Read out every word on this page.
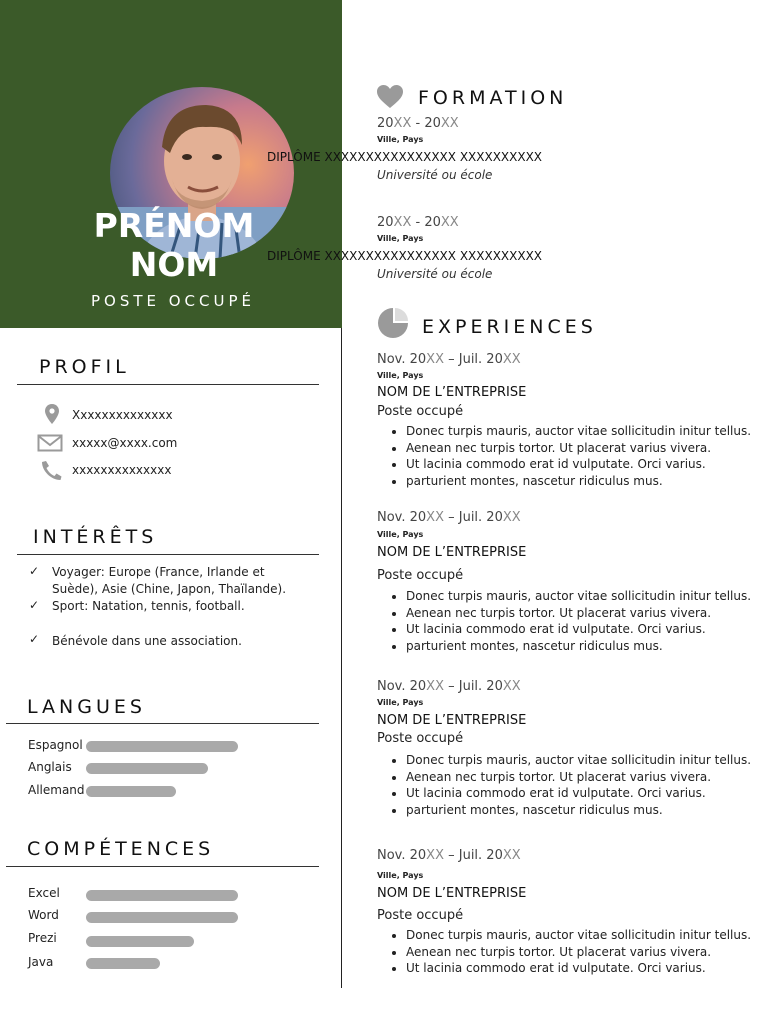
PRÉNOM
NOM
POSTE OCCUPÉ
PROFIL
Xxxxxxxxxxxxxx
xxxxx@xxxx.com
xxxxxxxxxxxxxx
INTÉRÊTS
✓ Voyager: Europe (France, Irlande et Suède), Asie (Chine, Japon, Thaïlande).
✓ Sport: Natation, tennis, football.
✓ Bénévole dans une association.
LANGUES
Espagnol
Anglais
Allemand
COMPÉTENCES
Excel
Word
Prezi
Java
FORMATION
20XX - 20XX
Ville, Pays
DIPLÔME XXXXXXXXXXXXXXXX XXXXXXXXXX
Université ou école
20XX - 20XX
Ville, Pays
DIPLÔME XXXXXXXXXXXXXXXX XXXXXXXXXX
Université ou école
EXPERIENCES
Nov. 20XX – Juil. 20XX
Ville, Pays
NOM DE L’ENTREPRISE
Poste occupé
• Donec turpis mauris, auctor vitae sollicitudin initur tellus.
• Aenean nec turpis tortor. Ut placerat varius vivera.
• Ut lacinia commodo erat id vulputate. Orci varius.
• parturient montes, nascetur ridiculus mus.
Nov. 20XX – Juil. 20XX
Ville, Pays
NOM DE L’ENTREPRISE
Poste occupé
• Donec turpis mauris, auctor vitae sollicitudin initur tellus.
• Aenean nec turpis tortor. Ut placerat varius vivera.
• Ut lacinia commodo erat id vulputate. Orci varius.
• parturient montes, nascetur ridiculus mus.
Nov. 20XX – Juil. 20XX
Ville, Pays
NOM DE L’ENTREPRISE
Poste occupé
• Donec turpis mauris, auctor vitae sollicitudin initur tellus.
• Aenean nec turpis tortor. Ut placerat varius vivera.
• Ut lacinia commodo erat id vulputate. Orci varius.
• parturient montes, nascetur ridiculus mus.
Nov. 20XX – Juil. 20XX
Ville, Pays
NOM DE L’ENTREPRISE
Poste occupé
• Donec turpis mauris, auctor vitae sollicitudin initur tellus.
• Aenean nec turpis tortor. Ut placerat varius vivera.
• Ut lacinia commodo erat id vulputate. Orci varius.
